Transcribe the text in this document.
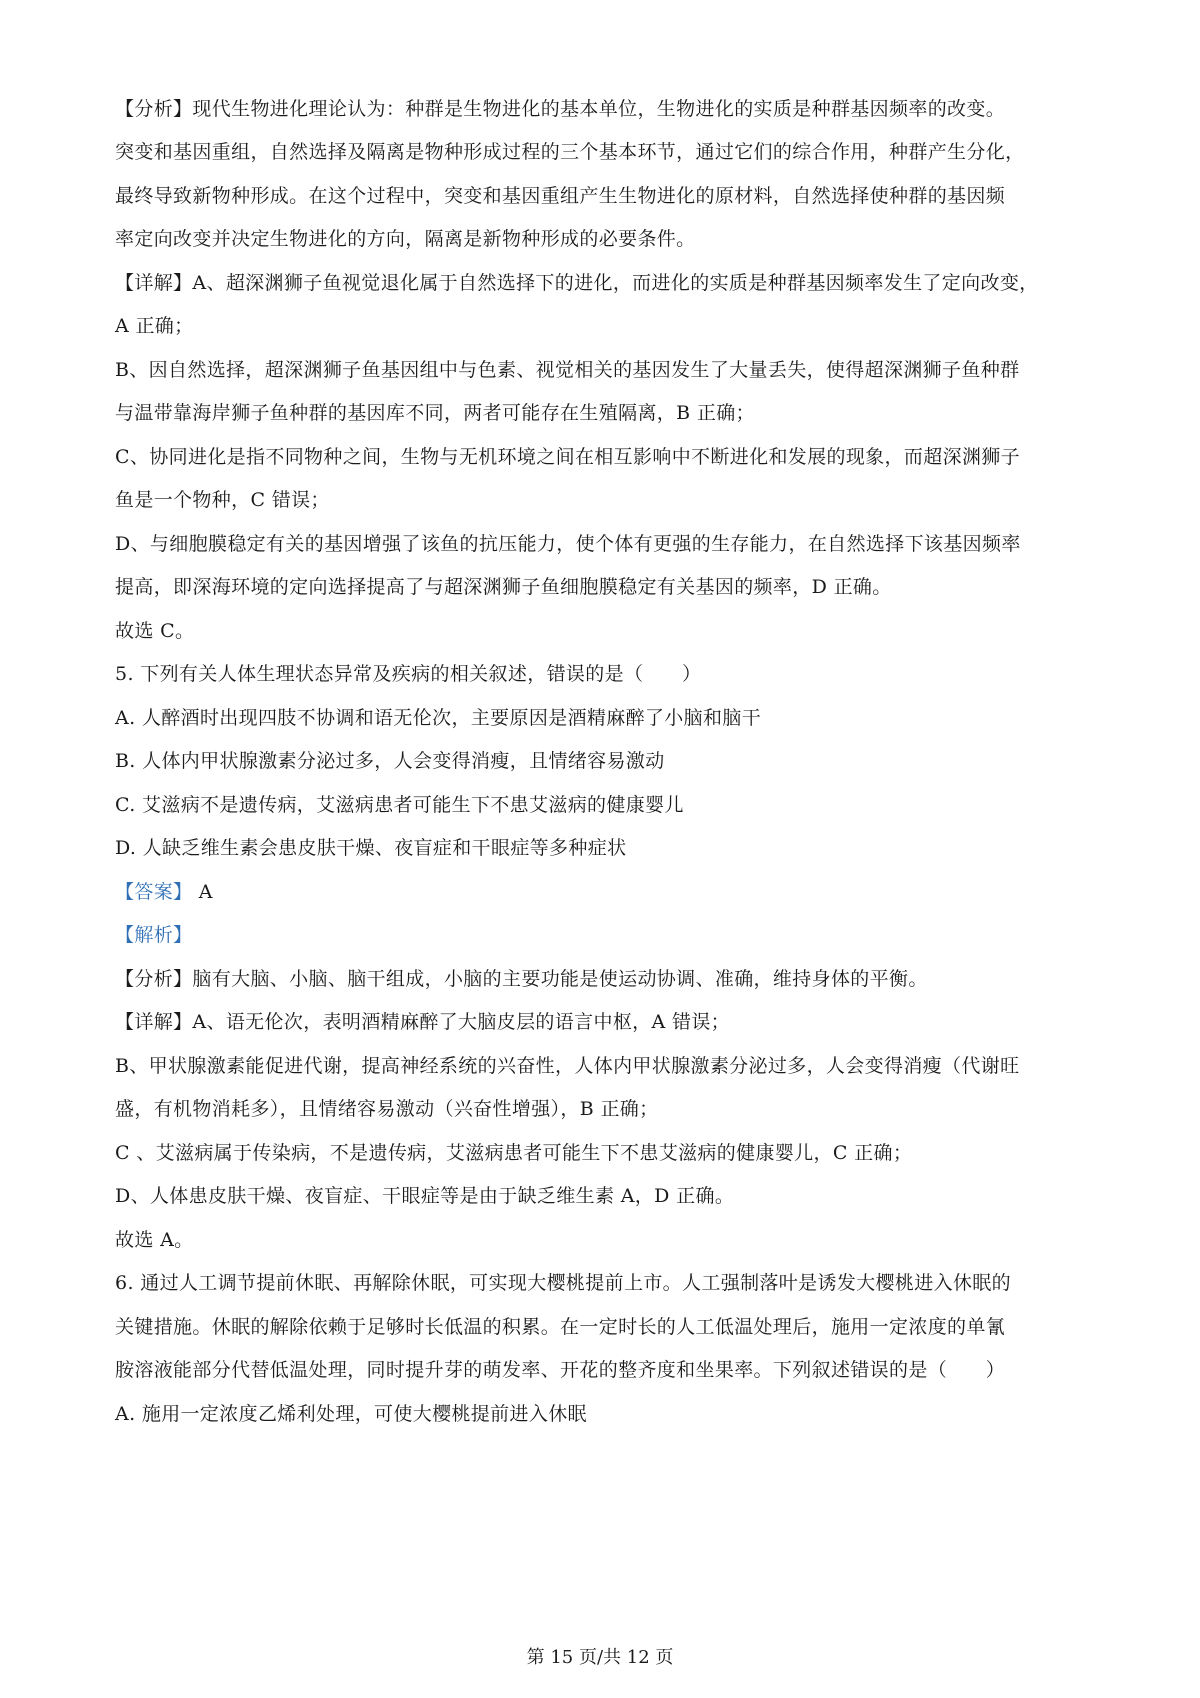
【分析】现代生物进化理论认为：种群是生物进化的基本单位，生物进化的实质是种群基因频率的改变。
突变和基因重组，自然选择及隔离是物种形成过程的三个基本环节，通过它们的综合作用，种群产生分化，
最终导致新物种形成。在这个过程中，突变和基因重组产生生物进化的原材料，自然选择使种群的基因频
率定向改变并决定生物进化的方向，隔离是新物种形成的必要条件。
【详解】A、超深渊狮子鱼视觉退化属于自然选择下的进化，而进化的实质是种群基因频率发生了定向改变，
A 正确；
B、因自然选择，超深渊狮子鱼基因组中与色素、视觉相关的基因发生了大量丢失，使得超深渊狮子鱼种群
与温带靠海岸狮子鱼种群的基因库不同，两者可能存在生殖隔离，B 正确；
C、协同进化是指不同物种之间，生物与无机环境之间在相互影响中不断进化和发展的现象，而超深渊狮子
鱼是一个物种，C 错误；
D、与细胞膜稳定有关的基因增强了该鱼的抗压能力，使个体有更强的生存能力，在自然选择下该基因频率
提高，即深海环境的定向选择提高了与超深渊狮子鱼细胞膜稳定有关基因的频率，D 正确。
故选 C。
5. 下列有关人体生理状态异常及疾病的相关叙述，错误的是（　　）
A. 人醉酒时出现四肢不协调和语无伦次，主要原因是酒精麻醉了小脑和脑干
B. 人体内甲状腺激素分泌过多，人会变得消瘦，且情绪容易激动
C. 艾滋病不是遗传病，艾滋病患者可能生下不患艾滋病的健康婴儿
D. 人缺乏维生素会患皮肤干燥、夜盲症和干眼症等多种症状
【答案】 A
【解析】
【分析】脑有大脑、小脑、脑干组成，小脑的主要功能是使运动协调、准确，维持身体的平衡。
【详解】A、语无伦次，表明酒精麻醉了大脑皮层的语言中枢，A 错误；
B、甲状腺激素能促进代谢，提高神经系统的兴奋性，人体内甲状腺激素分泌过多，人会变得消瘦（代谢旺
盛，有机物消耗多），且情绪容易激动（兴奋性增强），B 正确；
C 、艾滋病属于传染病，不是遗传病，艾滋病患者可能生下不患艾滋病的健康婴儿，C 正确；
D、人体患皮肤干燥、夜盲症、干眼症等是由于缺乏维生素 A，D 正确。
故选 A。
6. 通过人工调节提前休眠、再解除休眠，可实现大樱桃提前上市。人工强制落叶是诱发大樱桃进入休眠的
关键措施。休眠的解除依赖于足够时长低温的积累。在一定时长的人工低温处理后，施用一定浓度的单氰
胺溶液能部分代替低温处理，同时提升芽的萌发率、开花的整齐度和坐果率。下列叙述错误的是（　　）
A. 施用一定浓度乙烯利处理，可使大樱桃提前进入休眠
第 15 页/共 12 页
